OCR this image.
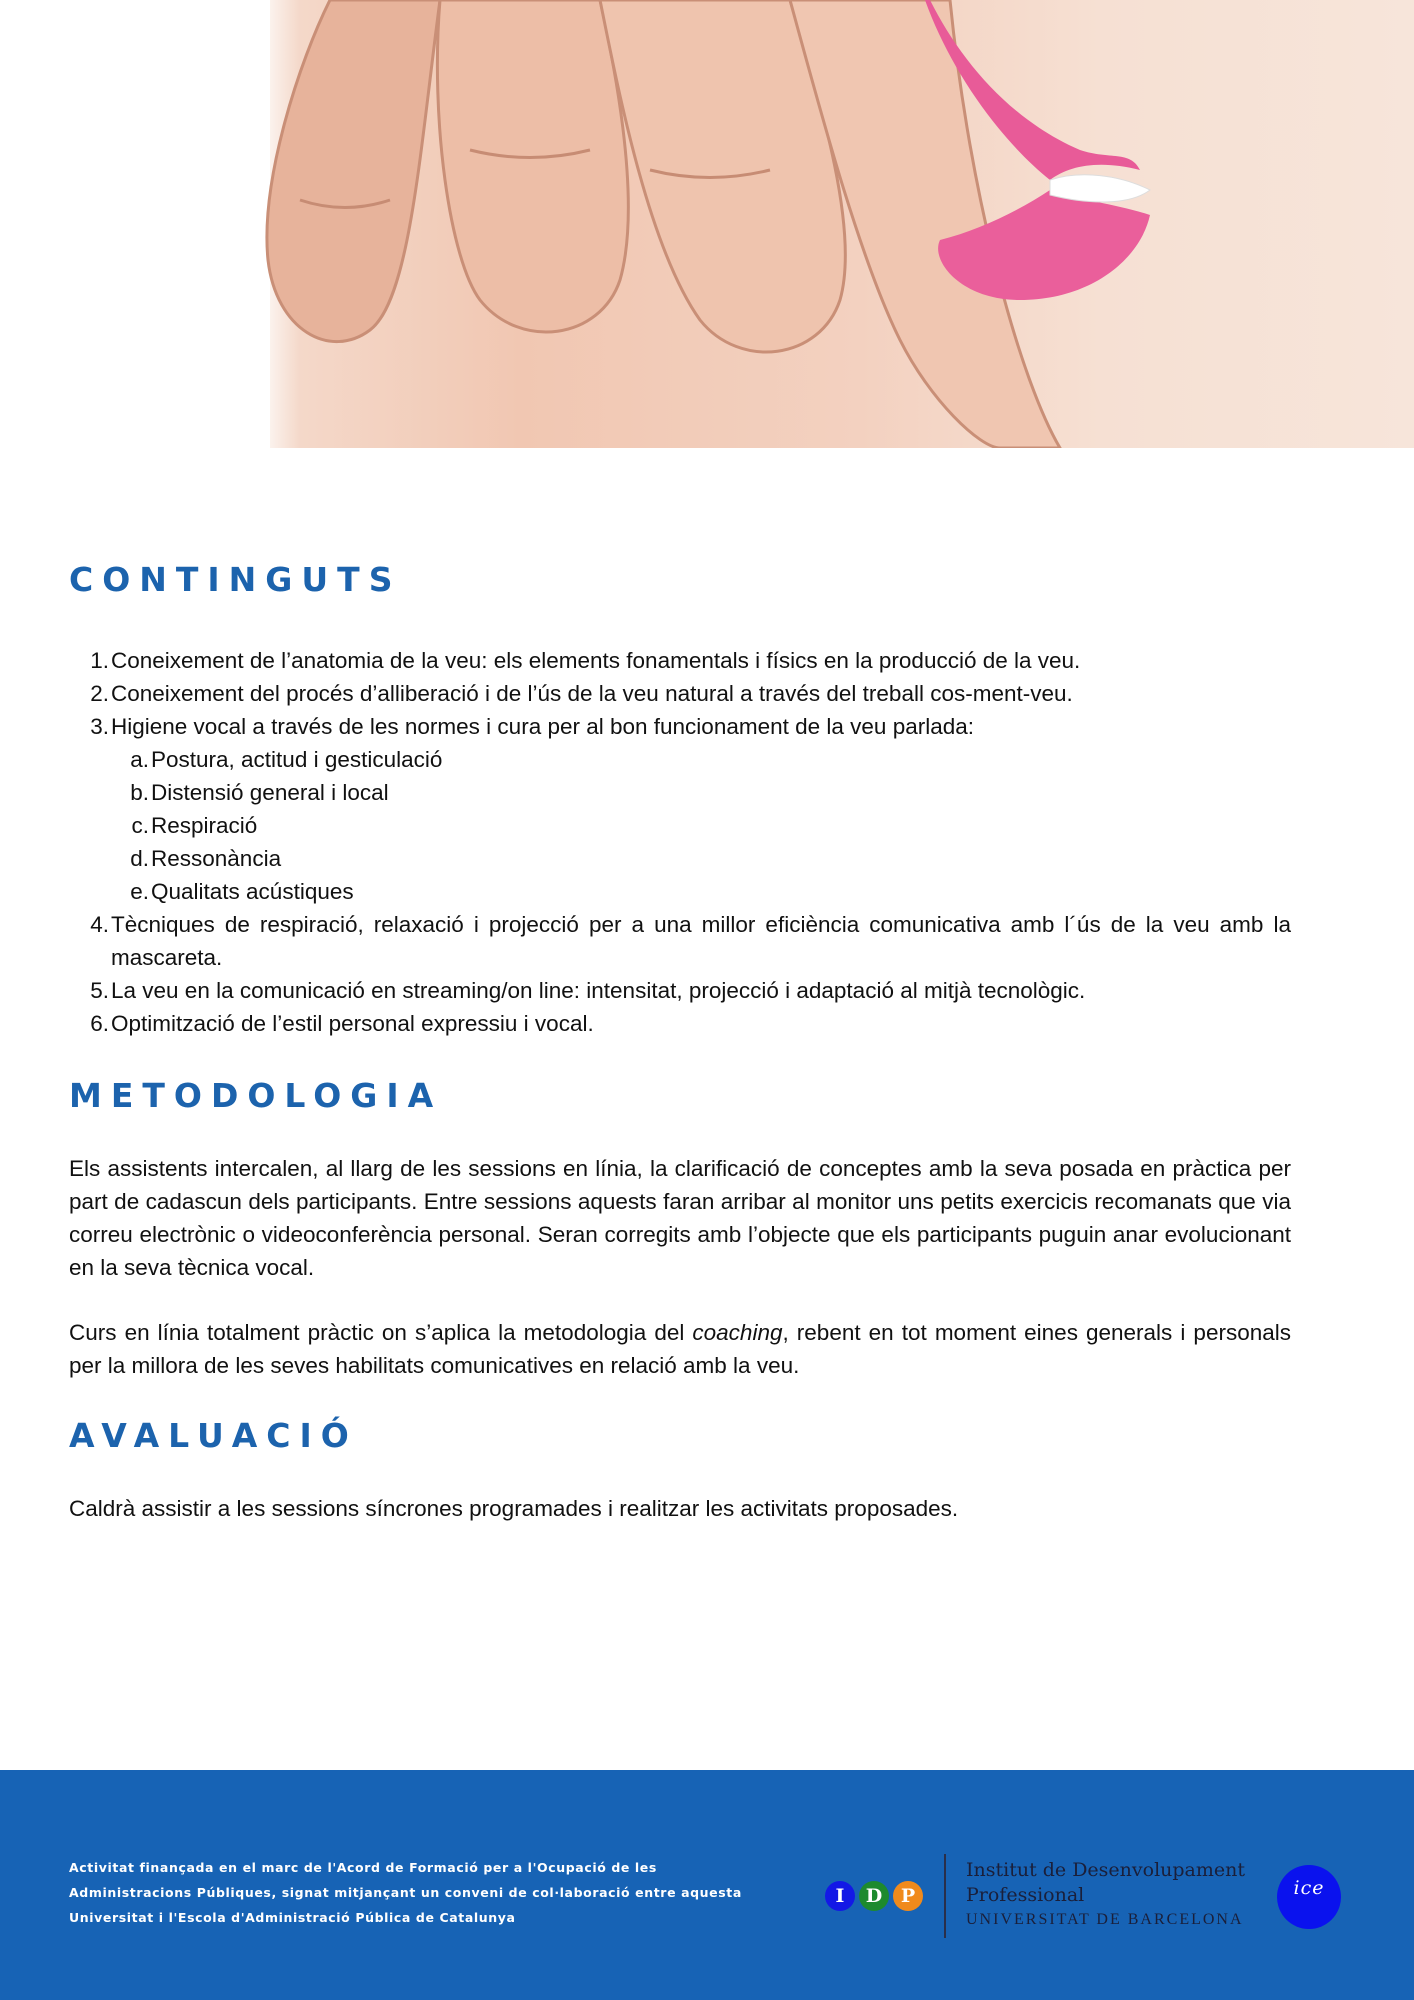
CONTINGUTS
1. Coneixement de l’anatomia de la veu: els elements fonamentals i físics en la producció de la veu.
2. Coneixement del procés d’alliberació i de l’ús de la veu natural a través del treball cos-ment-veu.
3. Higiene vocal a través de les normes i cura per al bon funcionament de la veu parlada:
a. Postura, actitud i gesticulació
b. Distensió general i local
c. Respiració
d. Ressonància
e. Qualitats acústiques
4. Tècniques de respiració, relaxació i projecció per a una millor eficiència comunicativa amb l´ús de la veu amb la mascareta.
5. La veu en la comunicació en streaming/on line: intensitat, projecció i adaptació al mitjà tecnològic.
6. Optimització de l’estil personal expressiu i vocal.
METODOLOGIA

Els assistents intercalen, al llarg de les sessions en línia, la clarificació de conceptes amb la seva posada en pràctica per part de cadascun dels participants. Entre sessions aquests faran arribar al monitor uns petits exercicis recomanats que via correu electrònic o videoconferència personal. Seran corregits amb l’objecte que els participants puguin anar evolucionant en la seva tècnica vocal.

Curs en línia totalment pràctic on s’aplica la metodologia del coaching, rebent en tot moment eines generals i personals per la millora de les seves habilitats comunicatives en relació amb la veu.

AVALUACIÓ

Caldrà assistir a les sessions síncrones programades i realitzar les activitats proposades.

Activitat finançada en el marc de l'Acord de Formació per a l'Ocupació de les Administracions Públiques, signat mitjançant un conveni de col·laboració entre aquesta Universitat i l'Escola d'Administració Pública de Catalunya
I	D P
Institut de Desenvolupament
Professional
UNIVERSITAT DE BARCELONA
ice
